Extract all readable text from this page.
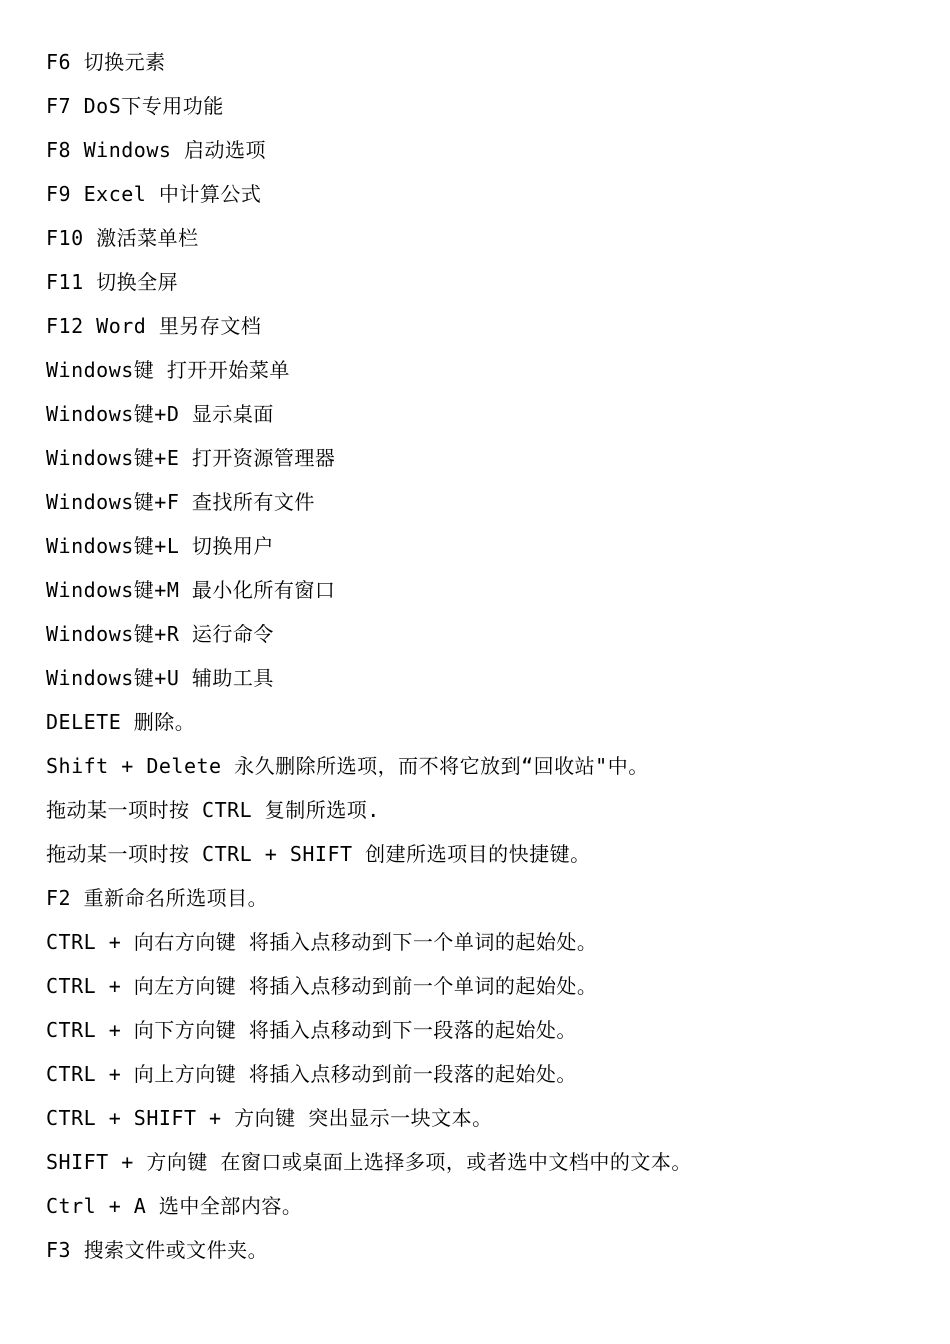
F6 切换元素
F7 DoS下专用功能
F8 Windows 启动选项
F9 Excel 中计算公式
F10 激活菜单栏
F11 切换全屏
F12 Word 里另存文档
Windows键 打开开始菜单
Windows键+D 显示桌面
Windows键+E 打开资源管理器
Windows键+F 查找所有文件
Windows键+L 切换用户
Windows键+M 最小化所有窗口
Windows键+R 运行命令
Windows键+U 辅助工具
DELETE 删除。
Shift + Delete 永久删除所选项，而不将它放到“回收站"中。
拖动某一项时按 CTRL 复制所选项.
拖动某一项时按 CTRL + SHIFT 创建所选项目的快捷键。
F2 重新命名所选项目。
CTRL + 向右方向键 将插入点移动到下一个单词的起始处。
CTRL + 向左方向键 将插入点移动到前一个单词的起始处。
CTRL + 向下方向键 将插入点移动到下一段落的起始处。
CTRL + 向上方向键 将插入点移动到前一段落的起始处。
CTRL + SHIFT + 方向键 突出显示一块文本。
SHIFT + 方向键 在窗口或桌面上选择多项，或者选中文档中的文本。
Ctrl + A 选中全部内容。
F3 搜索文件或文件夹。
